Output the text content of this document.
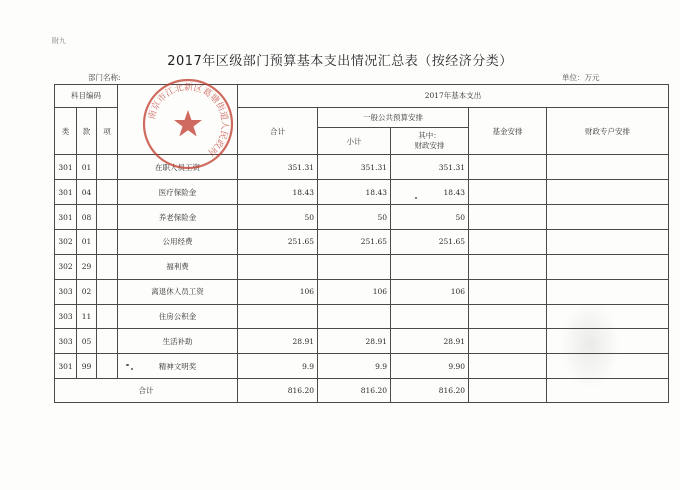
附九
2017年区级部门预算基本支出情况汇总表（按经济分类）
部门名称:	单位：万元
科目编码				2017年基本支出				
类	款	项		合计	一般公共预算安排		基金安排	财政专户安排
					小计	其中：
财政安排		

301	01		在职人员工资	351.31	351.31	351.31		
301	04		医疗保险金	18.43	18.43	18.43		
301	08		养老保险金	50	50	50		
302	01		公用经费	251.65	251.65	251.65		
302	29		福利费					
303	02		离退休人员工资	106	106	106		
303	11		住房公积金					
303	05		生活补助	28.91	28.91	28.91		
301	99		精神文明奖	9.9	9.9	9.90		
合计				816.20	816.20	816.20		
南京市江北新区葛塘街道人民政府
